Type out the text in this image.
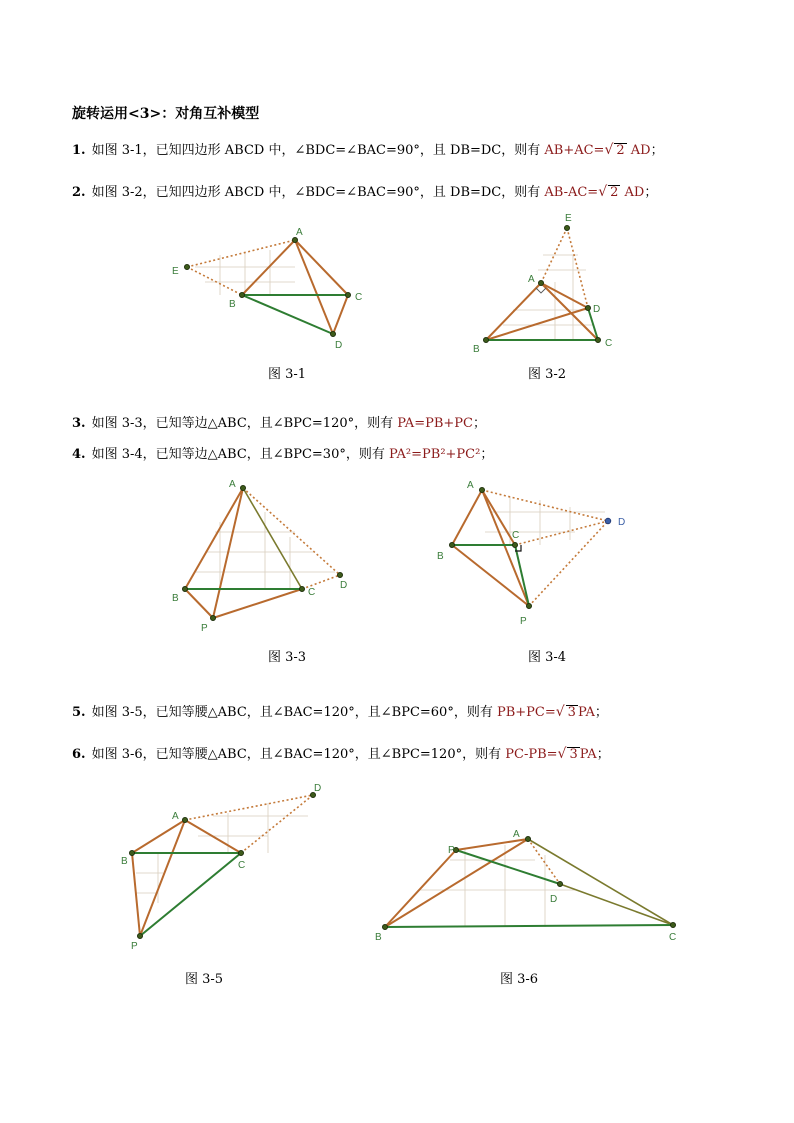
旋转运用<3>：对角互补模型
1. 如图 3-1，已知四边形 ABCD 中，∠BDC=∠BAC=90°，且 DB=DC，则有 AB+AC=√ 2 AD；
2. 如图 3-2，已知四边形 ABCD 中，∠BDC=∠BAC=90°，且 DB=DC，则有 AB-AC=√ 2 AD；
A
B
C
D
E
图 3-1
A
B
C
D
E
图 3-2
3. 如图 3-3，已知等边△ABC，且∠BPC=120°，则有 PA=PB+PC；
4. 如图 3-4，已知等边△ABC，且∠BPC=30°，则有 PA²=PB²+PC²；
A
B
C
D
P
图 3-3
A
B
C
D
P
图 3-4
5. 如图 3-5，已知等腰△ABC，且∠BAC=120°，且∠BPC=60°，则有 PB+PC=√ 3 PA；
6. 如图 3-6，已知等腰△ABC，且∠BAC=120°，且∠BPC=120°，则有 PC-PB=√ 3 PA；
A
B	C
D
P
图 3-5
A
P
B	C
D
图 3-6
